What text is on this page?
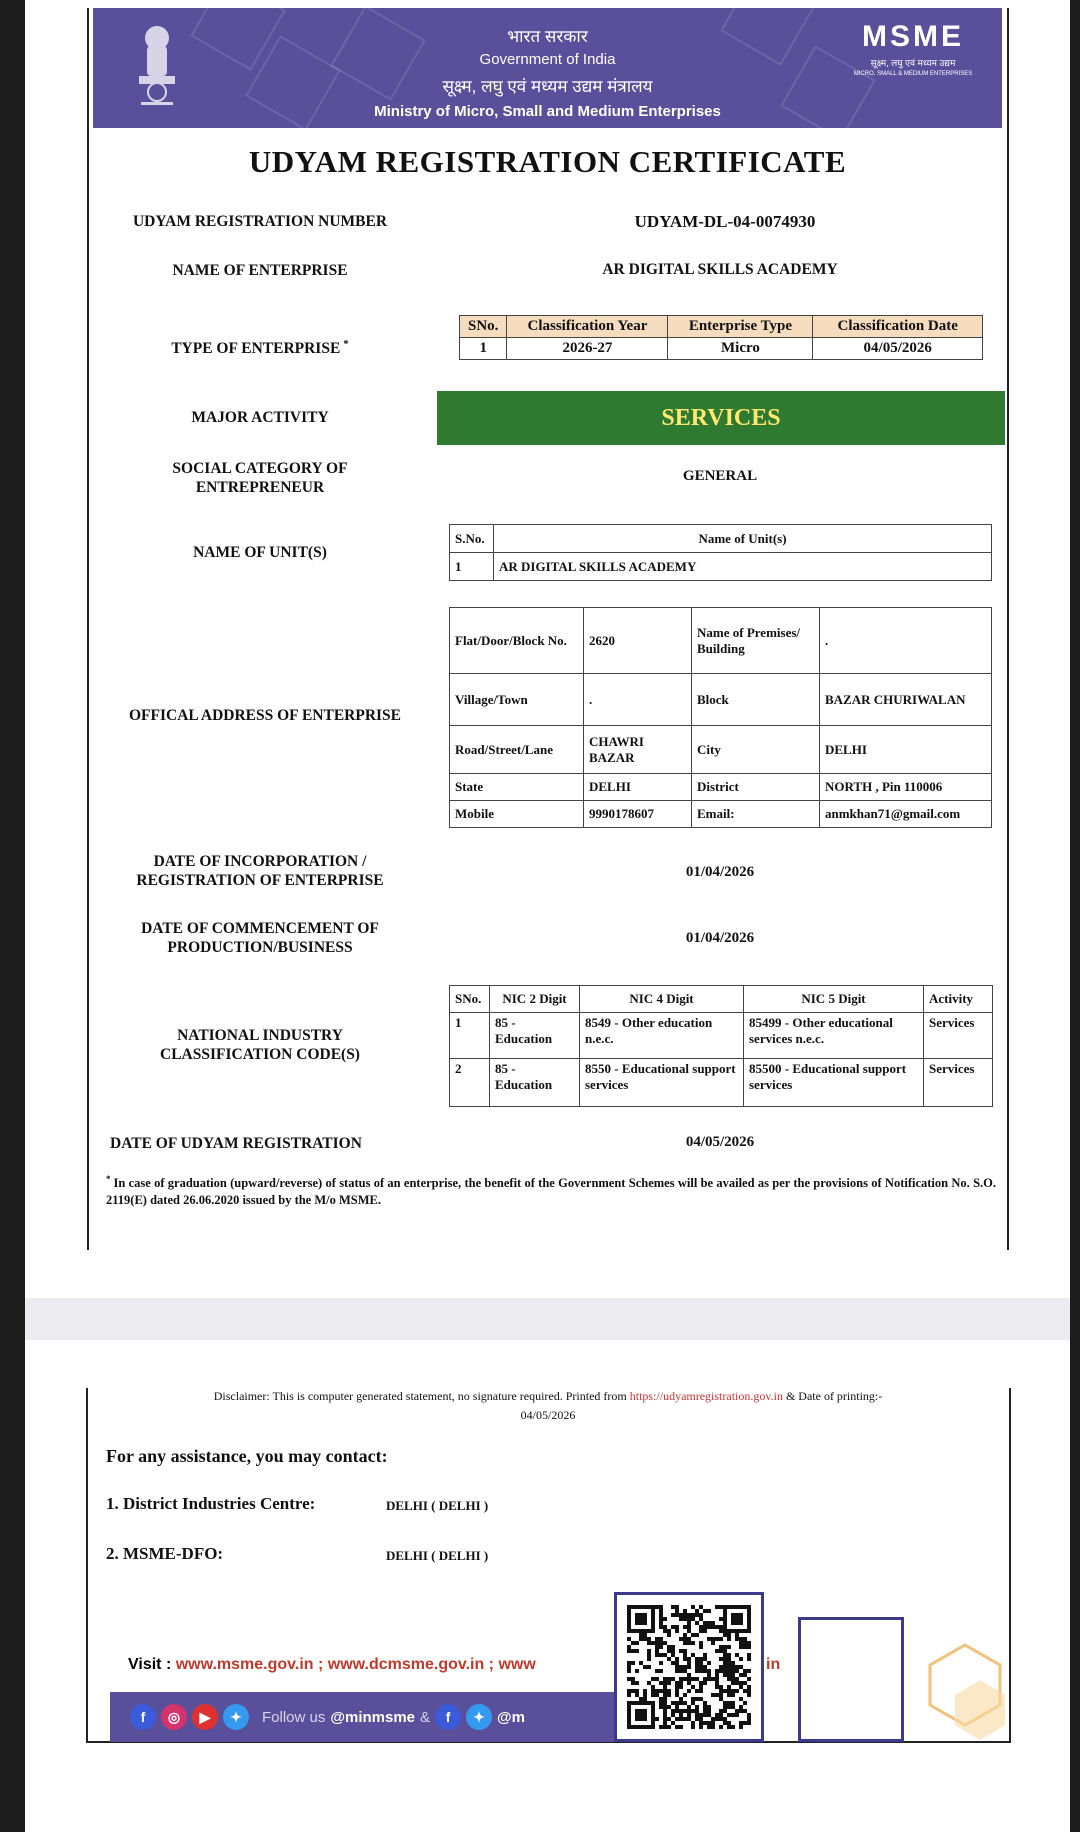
भारत सरकार
Government of India
सूक्ष्म, लघु एवं मध्यम उद्यम मंत्रालय
Ministry of Micro, Small and Medium Enterprises
MSME
सूक्ष्म, लघु एवं मध्यम उद्यम
MICRO, SMALL & MEDIUM ENTERPRISES
UDYAM REGISTRATION CERTIFICATE
UDYAM REGISTRATION NUMBER	UDYAM-DL-04-0074930
NAME OF ENTERPRISE	AR DIGITAL SKILLS ACADEMY
TYPE OF ENTERPRISE *
SNo.	Classification Year	Enterprise Type	Classification Date
1	2026-27	Micro	04/05/2026
MAJOR ACTIVITY	SERVICES
SOCIAL CATEGORY OF
ENTREPRENEUR
GENERAL
NAME OF UNIT(S)
S.No.	Name of Unit(s)
1	AR DIGITAL SKILLS ACADEMY
OFFICAL ADDRESS OF ENTERPRISE
Flat/Door/Block No.	2620	Name of Premises/ Building	.
Village/Town	.	Block	BAZAR CHURIWALAN
Road/Street/Lane	CHAWRI BAZAR	City	DELHI
State	DELHI	District	NORTH , Pin 110006
Mobile	9990178607	Email:	anmkhan71@gmail.com
DATE OF INCORPORATION /
REGISTRATION OF ENTERPRISE	01/04/2026
DATE OF COMMENCEMENT OF
PRODUCTION/BUSINESS
01/04/2026
NATIONAL INDUSTRY
CLASSIFICATION CODE(S)
SNo.	NIC 2 Digit	NIC 4 Digit	NIC 5 Digit	Activity
1	85 - Education	8549 - Other education n.e.c.	85499 - Other educational services n.e.c.	Services
2	85 - Education	8550 - Educational support services	85500 - Educational support services	Services
DATE OF UDYAM REGISTRATION	04/05/2026
* In case of graduation (upward/reverse) of status of an enterprise, the benefit of the Government Schemes will be availed as per the provisions of Notification No. S.O. 2119(E) dated 26.06.2020 issued by the M/o MSME.
Disclaimer: This is computer generated statement, no signature required. Printed from https://udyamregistration.gov.in & Date of printing:-
04/05/2026
For any assistance, you may contact:
1. District Industries Centre:	DELHI ( DELHI )
2. MSME-DFO:	DELHI ( DELHI )
Visit : www.msme.gov.in ; www.dcmsme.gov.in ; www	in
f	◎	▶	✦	Follow us @minmsme &	f	✦ @m
